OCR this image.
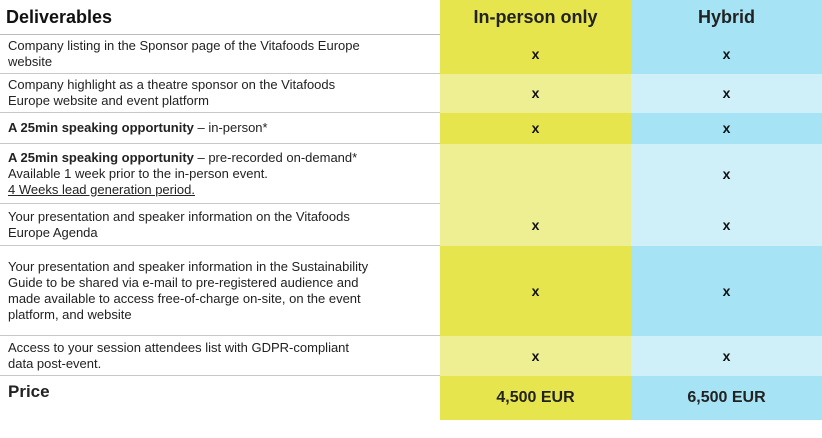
Deliverables	In-person only	Hybrid
Company listing in the Sponsor page of the Vitafoods Europe
website	x	x
Company highlight as a theatre sponsor on the Vitafoods
Europe website and event platform	x	x
A 25min speaking opportunity – in-person*	x	x
A 25min speaking opportunity – pre-recorded on-demand*
Available 1 week prior to the in-person event.
4 Weeks lead generation period.		x
Your presentation and speaker information on the Vitafoods
Europe Agenda	x	x
Your presentation and speaker information in the Sustainability
Guide to be shared via e-mail to pre-registered audience and
made available to access free-of-charge on-site, on the event
platform, and website	x	x
Access to your session attendees list with GDPR-compliant
data post-event.	x	x
Price	4,500 EUR	6,500 EUR
